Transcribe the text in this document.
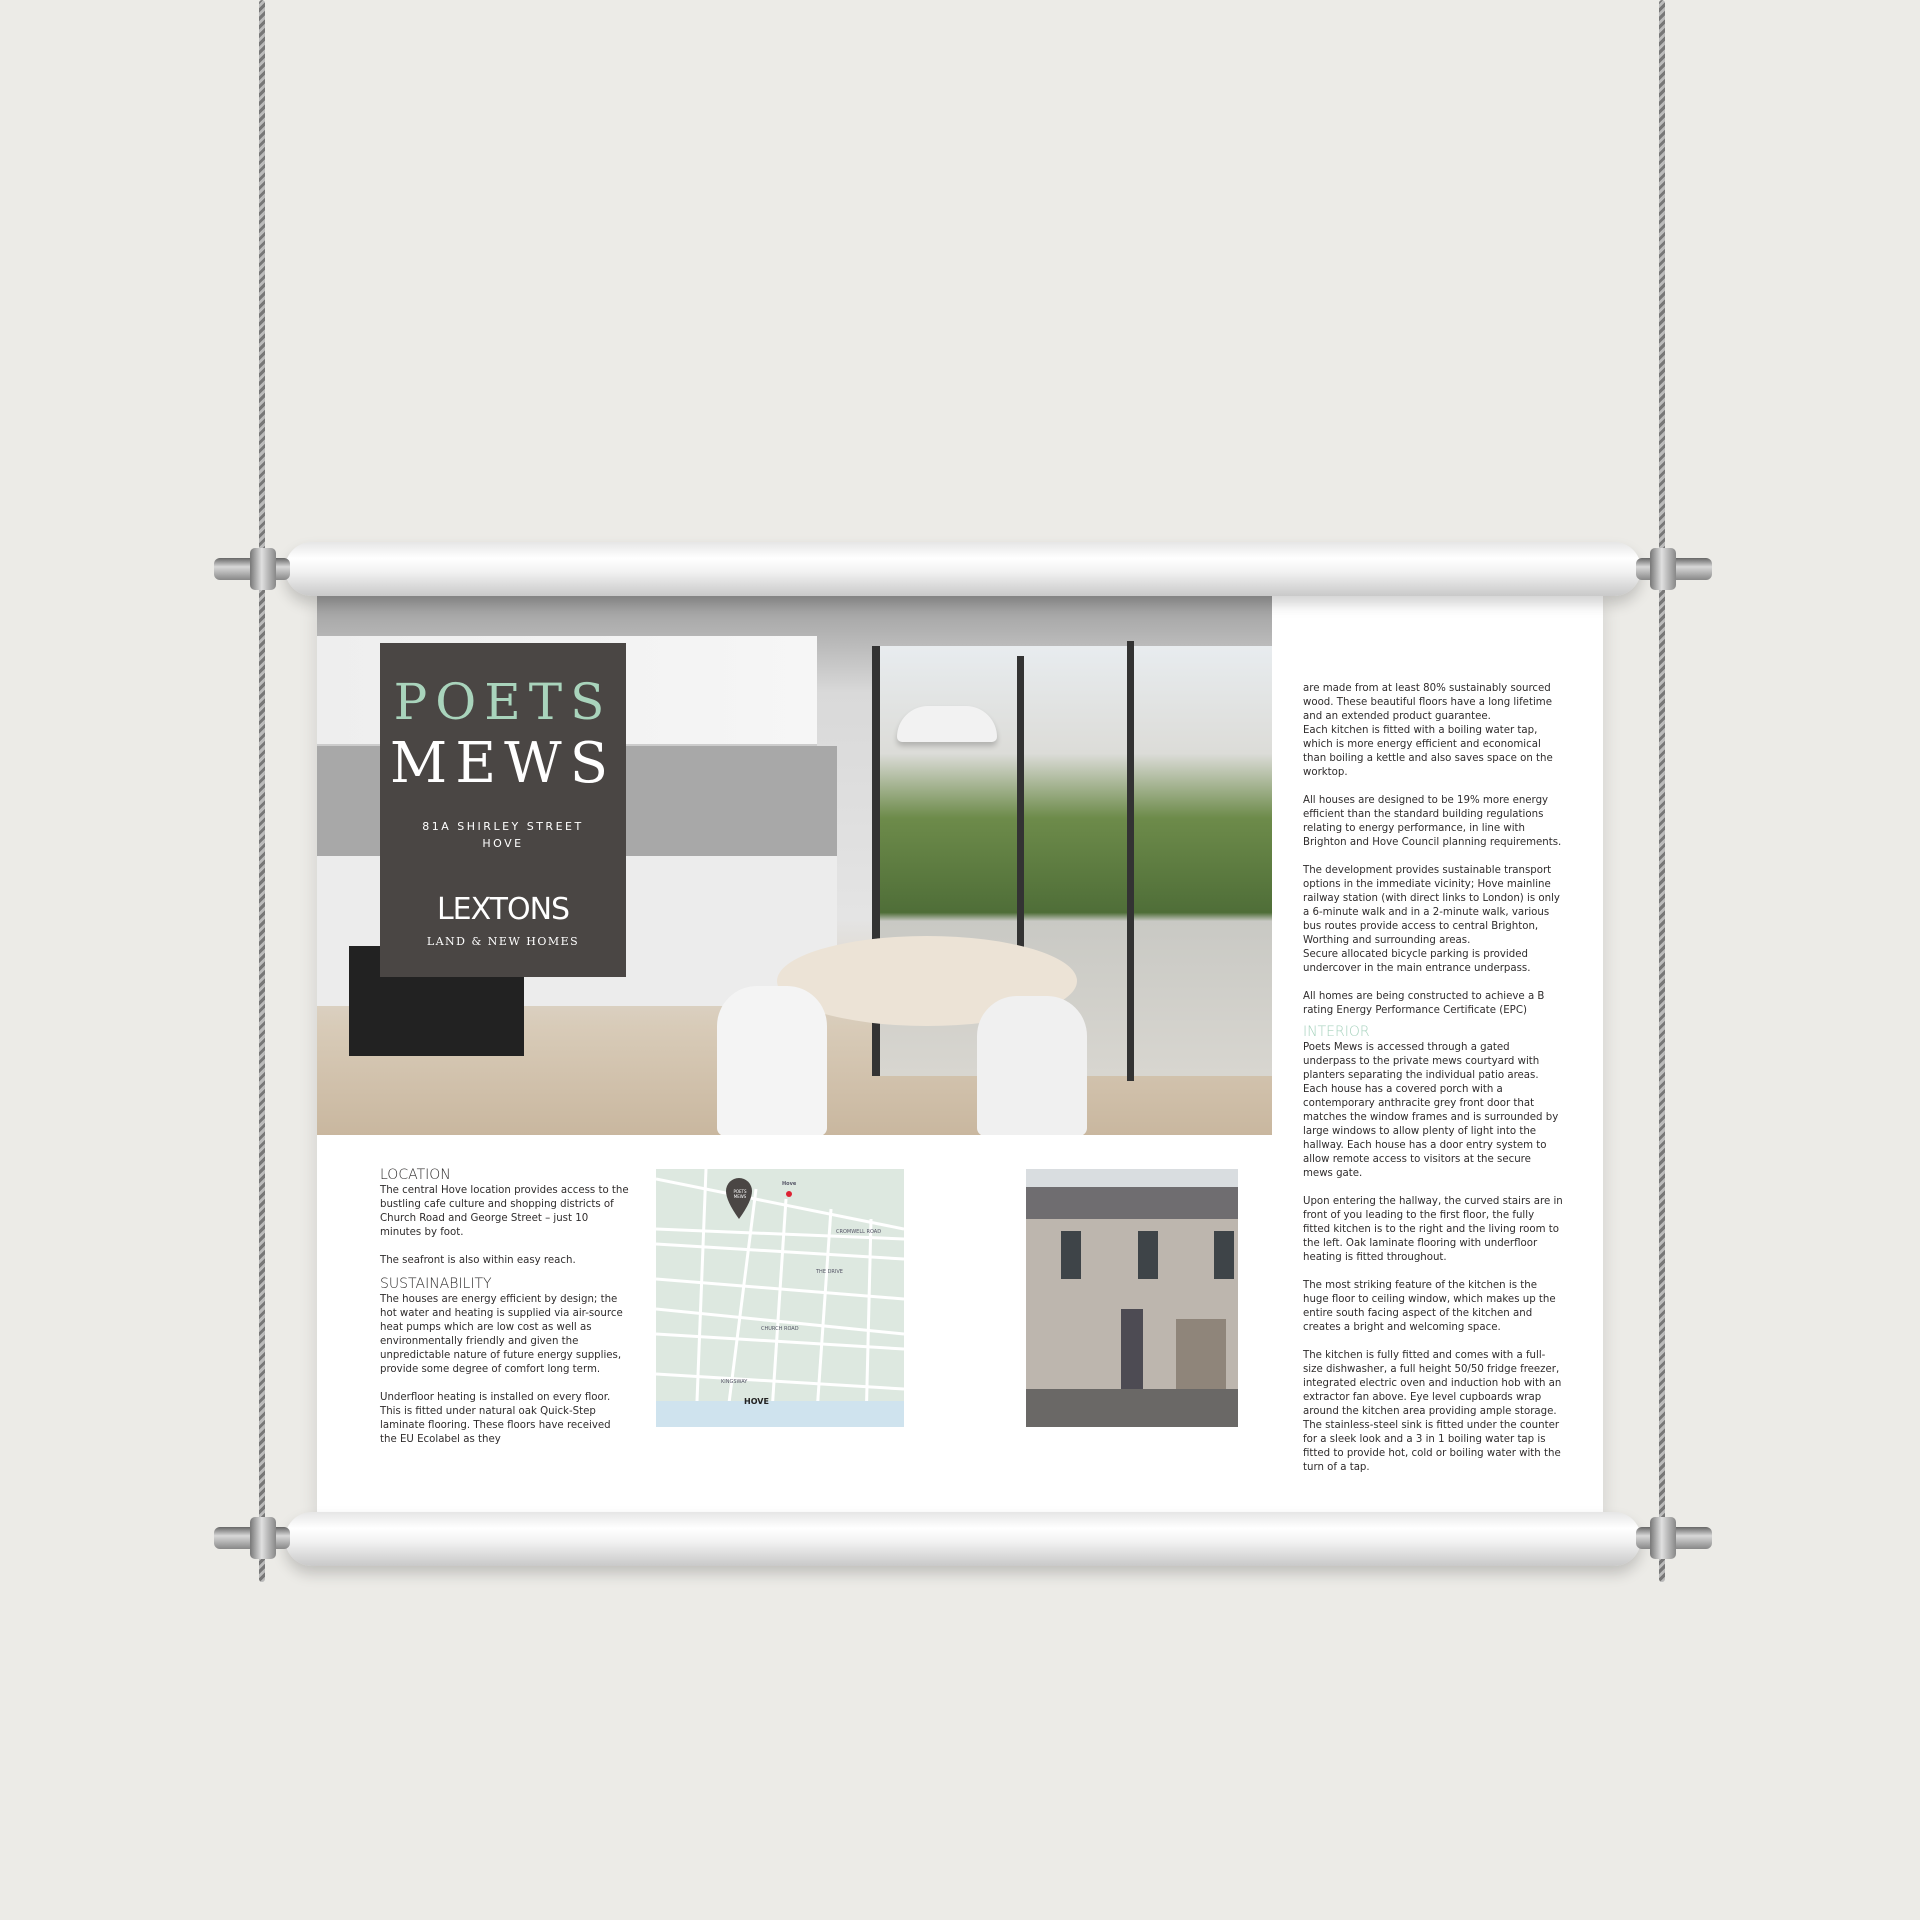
POETS
MEWS
81A SHIRLEY STREET
HOVE
LEXTONS
LAND & NEW HOMES
LOCATION

The central Hove location provides access to the bustling cafe culture and shopping districts of Church Road and George Street – just 10 minutes by foot.

The seafront is also within easy reach.

SUSTAINABILITY

The houses are energy efficient by design; the hot water and heating is supplied via air-source heat pumps which are low cost as well as environmentally friendly and given the unpredictable nature of future energy supplies, provide some degree of comfort long term.

Underfloor heating is installed on every floor. This is fitted under natural oak Quick-Step laminate flooring. These floors have received the EU Ecolabel as they

POETS MEWS
Hove
CROMWELL ROAD
CHURCH ROAD
THE DRIVE
KINGSWAY
HOVE

are made from at least 80% sustainably sourced wood. These beautiful floors have a long lifetime and an extended product guarantee.

Each kitchen is fitted with a boiling water tap, which is more energy efficient and economical than boiling a kettle and also saves space on the worktop.

All houses are designed to be 19% more energy efficient than the standard building regulations relating to energy performance, in line with Brighton and Hove Council planning requirements.

The development provides sustainable transport options in the immediate vicinity; Hove mainline railway station (with direct links to London) is only a 6-minute walk and in a 2-minute walk, various bus routes provide access to central Brighton, Worthing and surrounding areas.

Secure allocated bicycle parking is provided undercover in the main entrance underpass.

All homes are being constructed to achieve a B rating Energy Performance Certificate (EPC)

INTERIOR

Poets Mews is accessed through a gated underpass to the private mews courtyard with planters separating the individual patio areas. Each house has a covered porch with a contemporary anthracite grey front door that matches the window frames and is surrounded by large windows to allow plenty of light into the hallway. Each house has a door entry system to allow remote access to visitors at the secure mews gate.

Upon entering the hallway, the curved stairs are in front of you leading to the first floor, the fully fitted kitchen is to the right and the living room to the left. Oak laminate flooring with underfloor heating is fitted throughout.

The most striking feature of the kitchen is the huge floor to ceiling window, which makes up the entire south facing aspect of the kitchen and creates a bright and welcoming space.

The kitchen is fully fitted and comes with a full-size dishwasher, a full height 50/50 fridge freezer, integrated electric oven and induction hob with an extractor fan above. Eye level cupboards wrap around the kitchen area providing ample storage. The stainless-steel sink is fitted under the counter for a sleek look and a 3 in 1 boiling water tap is fitted to provide hot, cold or boiling water with the turn of a tap.
